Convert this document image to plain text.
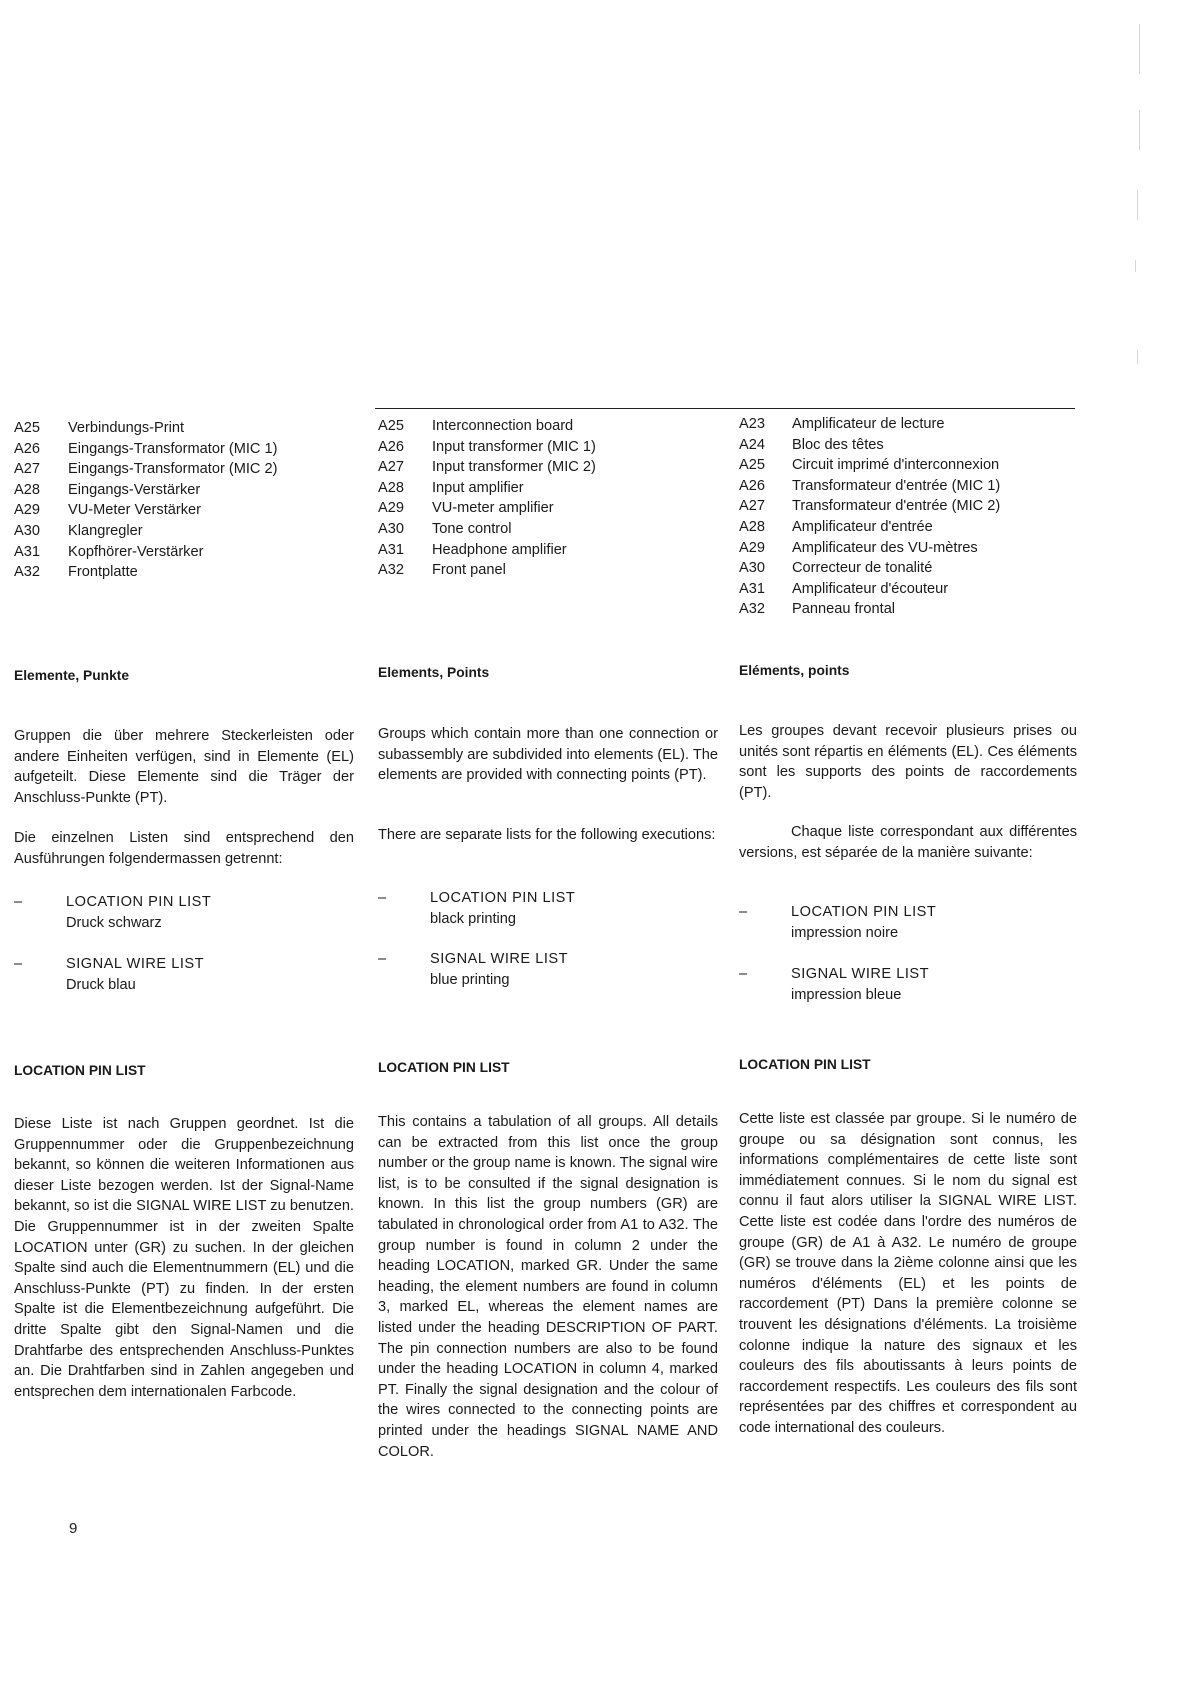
A25	Verbindungs-Print
A26	Eingangs-Transformator (MIC 1)
A27	Eingangs-Transformator (MIC 2)
A28	Eingangs-Verstärker
A29	VU-Meter Verstärker
A30	Klangregler
A31	Kopfhörer-Verstärker
A32	Frontplatte
Elemente, Punkte

Gruppen die über mehrere Steckerleisten oder andere Einheiten verfügen, sind in Elemente (EL) aufgeteilt. Diese Elemente sind die Träger der Anschluss-Punkte (PT).

Die einzelnen Listen sind entsprechend den Ausführungen folgendermassen getrennt:

–	LOCATION PIN LIST
Druck schwarz
–	SIGNAL WIRE LIST
Druck blau
LOCATION PIN LIST

Diese Liste ist nach Gruppen geordnet. Ist die Gruppennummer oder die Gruppenbezeichnung bekannt, so können die weiteren Informationen aus dieser Liste bezogen werden. Ist der Signal-Name bekannt, so ist die SIGNAL WIRE LIST zu benutzen. Die Gruppennummer ist in der zweiten Spalte LOCATION unter (GR) zu suchen. In der gleichen Spalte sind auch die Elementnummern (EL) und die Anschluss-Punkte (PT) zu finden. In der ersten Spalte ist die Elementbezeichnung aufgeführt. Die dritte Spalte gibt den Signal-Namen und die Drahtfarbe des entsprechenden Anschluss-Punktes an. Die Drahtfarben sind in Zahlen angegeben und entsprechen dem internationalen Farbcode.

A25	Interconnection board
A26	Input transformer (MIC 1)
A27	Input transformer (MIC 2)
A28	Input amplifier
A29	VU-meter amplifier
A30	Tone control
A31	Headphone amplifier
A32	Front panel
Elements, Points

Groups which contain more than one connection or subassembly are subdivided into elements (EL). The elements are provided with connecting points (PT).

There are separate lists for the following executions:

–	LOCATION PIN LIST
black printing
–	SIGNAL WIRE LIST
blue printing
LOCATION PIN LIST

This contains a tabulation of all groups. All details can be extracted from this list once the group number or the group name is known. The signal wire list, is to be consulted if the signal designation is known. In this list the group numbers (GR) are tabulated in chronological order from A1 to A32. The group number is found in column 2 under the heading LOCATION, marked GR. Under the same heading, the element numbers are found in column 3, marked EL, whereas the element names are listed under the heading DESCRIPTION OF PART. The pin connection numbers are also to be found under the heading LOCATION in column 4, marked PT. Finally the signal designation and the colour of the wires connected to the connecting points are printed under the headings SIGNAL NAME AND COLOR.

A23	Amplificateur de lecture
A24	Bloc des têtes
A25	Circuit imprimé d'interconnexion
A26	Transformateur d'entrée (MIC 1)
A27	Transformateur d'entrée (MIC 2)
A28	Amplificateur d'entrée
A29	Amplificateur des VU-mètres
A30	Correcteur de tonalité
A31	Amplificateur d'écouteur
A32	Panneau frontal
Eléments, points

Les groupes devant recevoir plusieurs prises ou unités sont répartis en éléments (EL). Ces éléments sont les supports des points de raccordements (PT).

Chaque liste correspondant aux différentes versions, est séparée de la manière suivante:

–	LOCATION PIN LIST
impression noire
–	SIGNAL WIRE LIST
impression bleue
LOCATION PIN LIST

Cette liste est classée par groupe. Si le numéro de groupe ou sa désignation sont connus, les informations complémentaires de cette liste sont immédiatement connues. Si le nom du signal est connu il faut alors utiliser la SIGNAL WIRE LIST. Cette liste est codée dans l'ordre des numéros de groupe (GR) de A1 à A32. Le numéro de groupe (GR) se trouve dans la 2ième colonne ainsi que les numéros d'éléments (EL) et les points de raccordement (PT) Dans la première colonne se trouvent les désignations d'éléments. La troisième colonne indique la nature des signaux et les couleurs des fils aboutissants à leurs points de raccordement respectifs. Les couleurs des fils sont représentées par des chiffres et correspondent au code international des couleurs.

9
